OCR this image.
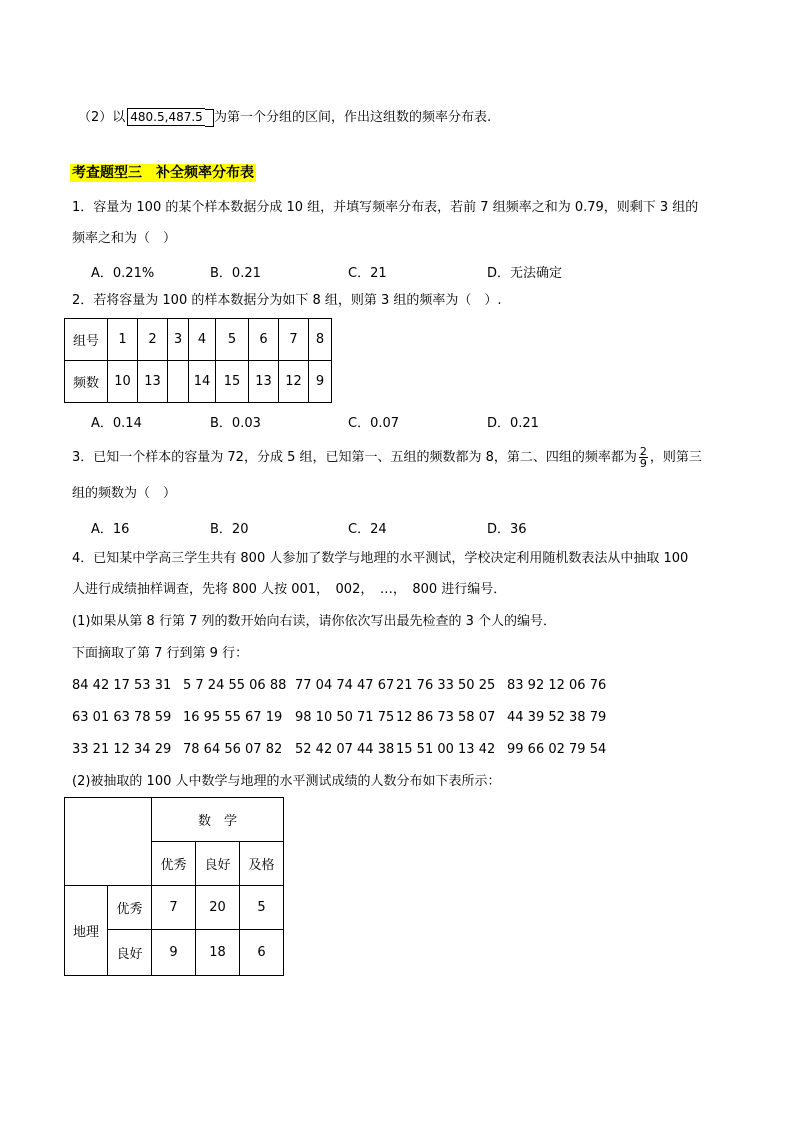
（2）以 480.5,487.5 为第一个分组的区间，作出这组数的频率分布表.
考查题型三　补全频率分布表
1．容量为 100 的某个样本数据分成 10 组，并填写频率分布表，若前 7 组频率之和为 0.79，则剩下 3 组的
频率之和为（　）
A．0.21%	B．0.21	C．21	D．无法确定
2．若将容量为 100 的样本数据分为如下 8 组，则第 3 组的频率为（　）.
组号	1	2	3	4	5	6	7	8
频数	10	13		14	15	13	12	9
A．0.14	B．0.03	C．0.07	D．0.21
3．已知一个样本的容量为 72，分成 5 组，已知第一、五组的频数都为 8，第二、四组的频率都为 $\frac{2}{9}$ ，则第三
组的频数为（　）
A．16	B．20	C．24	D．36
4．已知某中学高三学生共有 800 人参加了数学与地理的水平测试，学校决定利用随机数表法从中抽取 100
人进行成绩抽样调查，先将 800 人按 001，　002，　…，　800 进行编号．
(1)如果从第 8 行第 7 列的数开始向右读，请你依次写出最先检查的 3 个人的编号．
下面摘取了第 7 行到第 9 行：
84 42 17 53 31 5 7 24 55 06 88 77 04 74 47 67 21 76 33 50 25 83 92 12 06 76
63 01 63 78 59 16 95 55 67 19 98 10 50 71 75 12 86 73 58 07 44 39 52 38 79
33 21 12 34 29 78 64 56 07 82 52 42 07 44 38 15 51 00 13 42 99 66 02 79 54
(2)被抽取的 100 人中数学与地理的水平测试成绩的人数分布如下表所示：
		数　学		
		优秀	良好	及格
地理	优秀	7	20	5
	良好	9	18	6
